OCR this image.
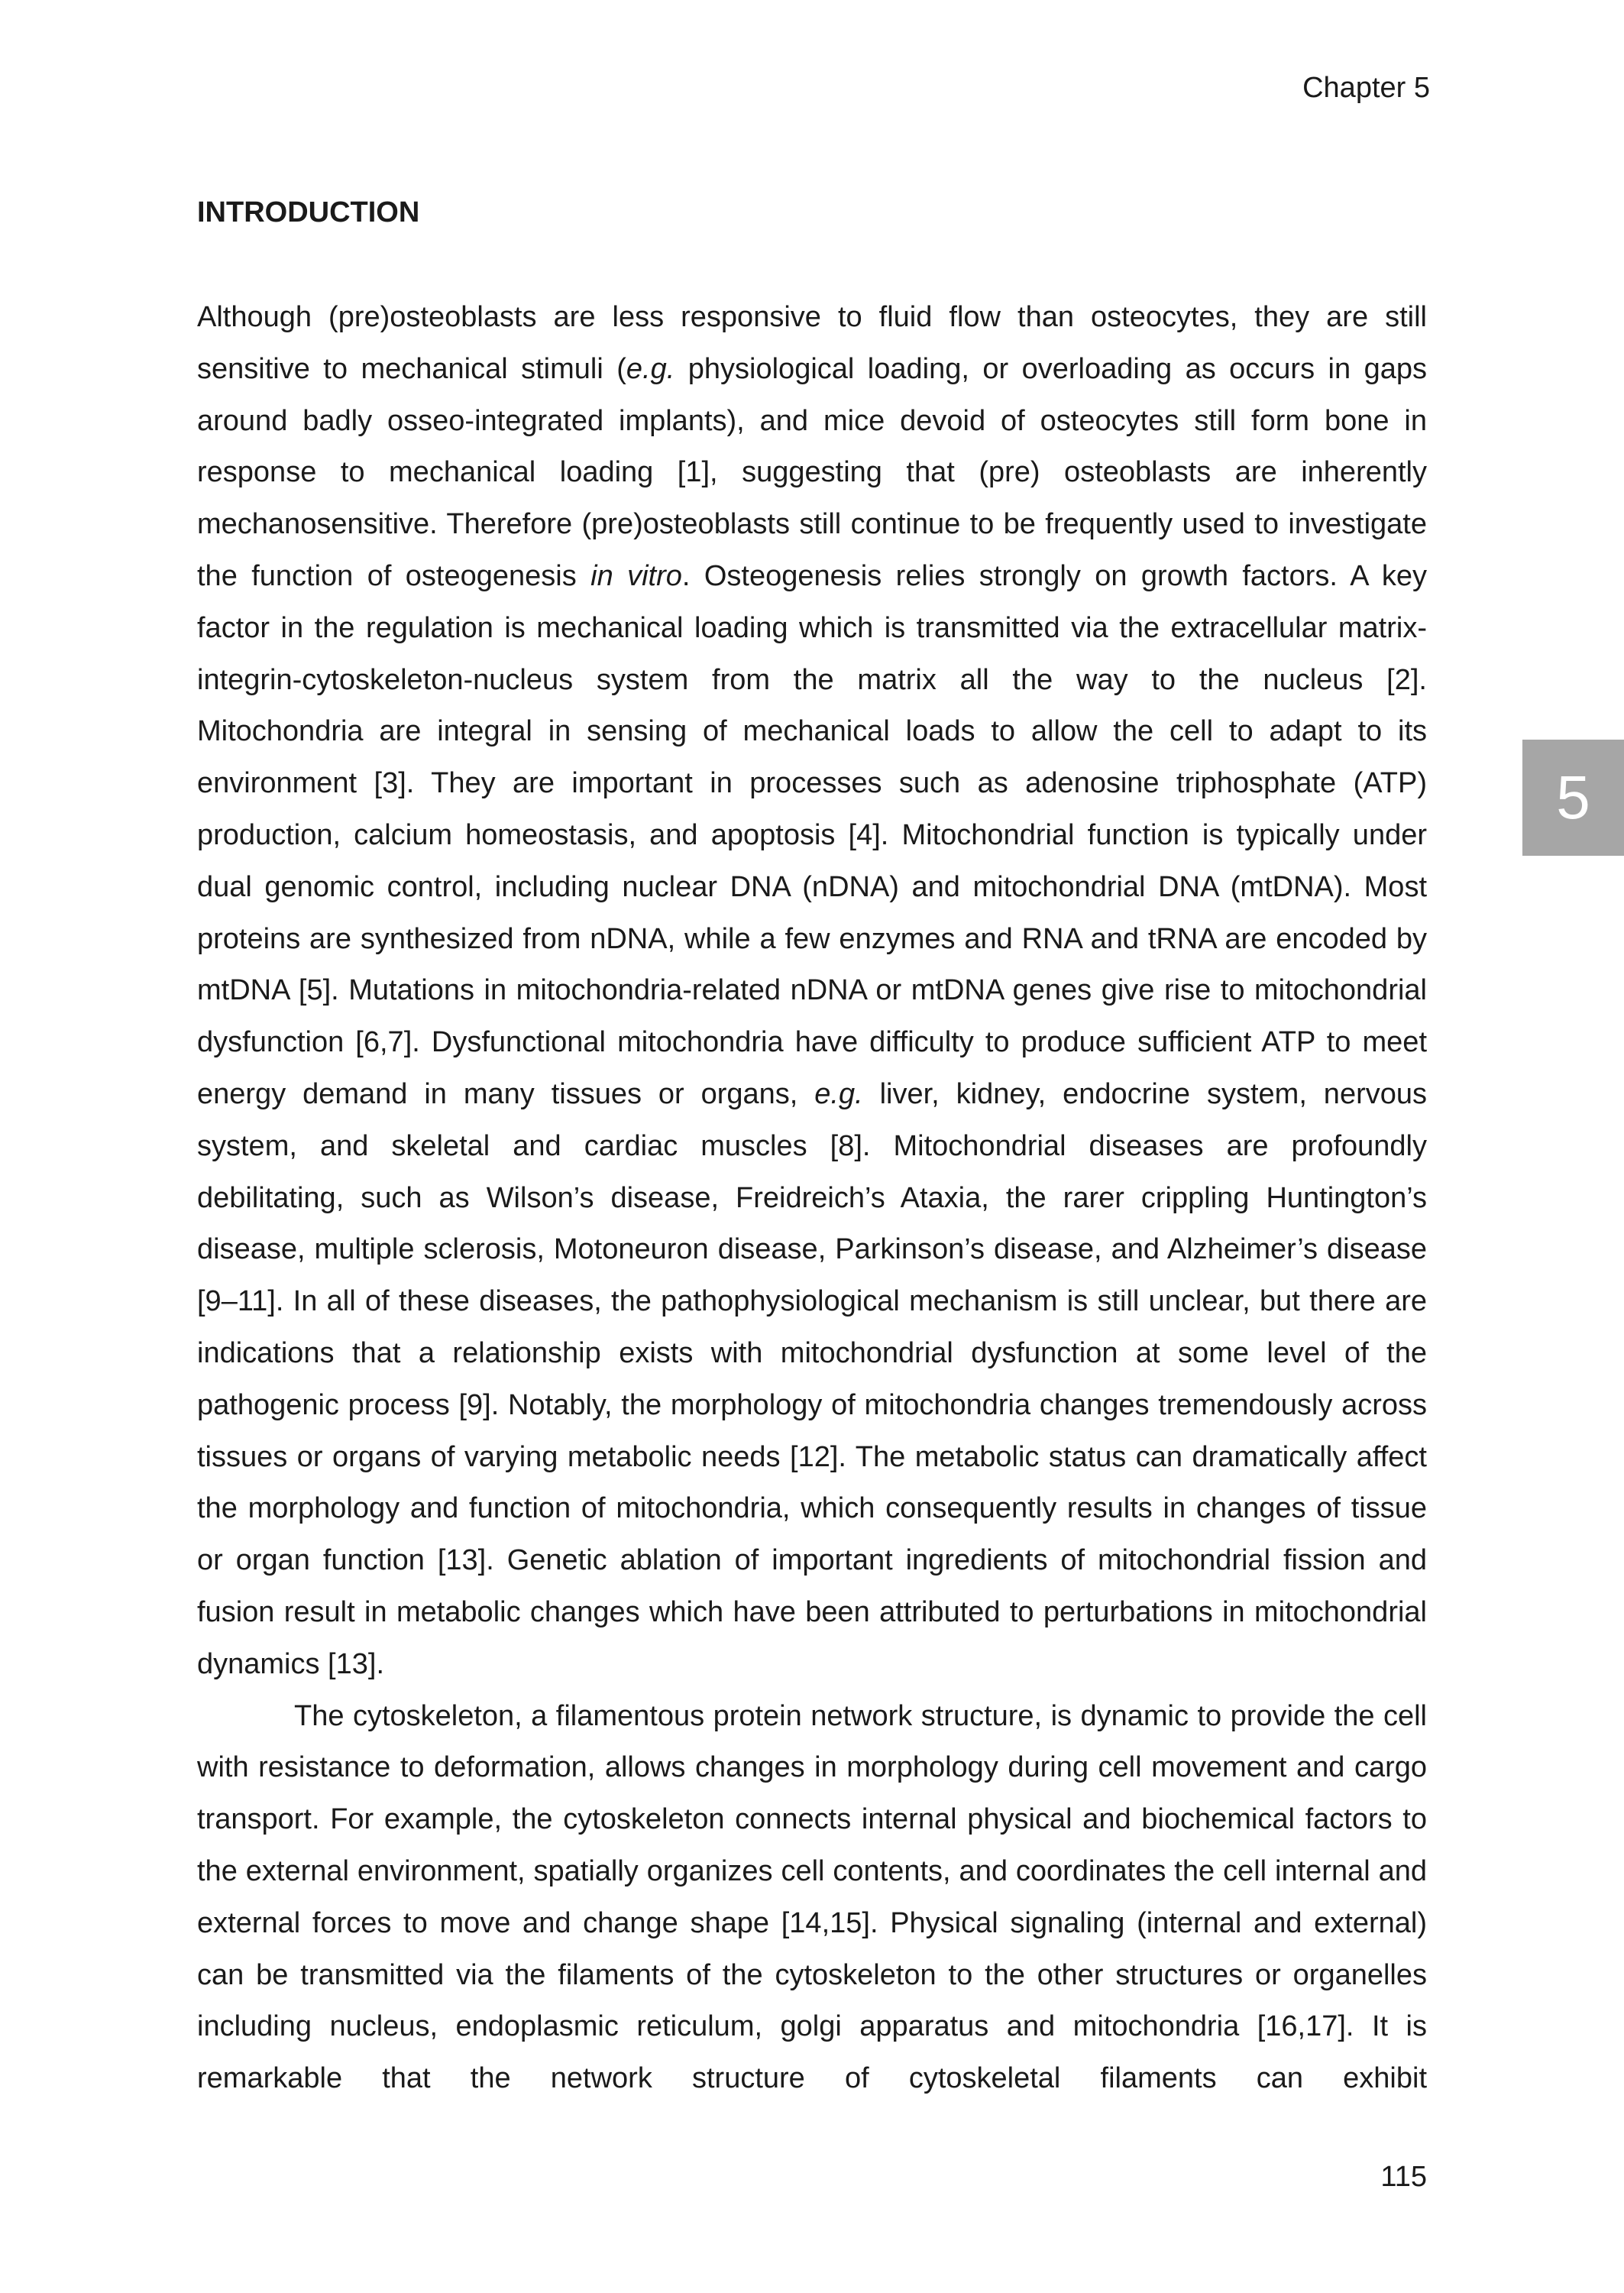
Chapter 5
INTRODUCTION

Although (pre)osteoblasts are less responsive to fluid flow than osteocytes, they are still sensitive to mechanical stimuli (e.g. physiological loading, or overloading as occurs in gaps around badly osseo-integrated implants), and mice devoid of osteocytes still form bone in response to mechanical loading [1], suggesting that (pre) osteoblasts are inherently mechanosensitive. Therefore (pre)osteoblasts still continue to be frequently used to investigate the function of osteogenesis in vitro. Osteogenesis relies strongly on growth factors. A key factor in the regulation is mechanical loading which is transmitted via the extracellular matrix-integrin-cytoskeleton-nucleus system from the matrix all the way to the nucleus [2]. Mitochondria are integral in sensing of mechanical loads to allow the cell to adapt to its environment [3]. They are important in processes such as adenosine triphosphate (ATP) production, calcium homeostasis, and apoptosis [4]. Mitochondrial function is typically under dual genomic control, including nuclear DNA (nDNA) and mitochondrial DNA (mtDNA). Most proteins are synthesized from nDNA, while a few enzymes and RNA and tRNA are encoded by mtDNA [5]. Mutations in mitochondria-related nDNA or mtDNA genes give rise to mitochondrial dysfunction [6,7]. Dysfunctional mitochondria have difficulty to produce sufficient ATP to meet energy demand in many tissues or organs, e.g. liver, kidney, endocrine system, nervous system, and skeletal and cardiac muscles [8]. Mitochondrial diseases are profoundly debilitating, such as Wilson’s disease, Freidreich’s Ataxia, the rarer crippling Huntington’s disease, multiple sclerosis, Motoneuron disease, Parkinson’s disease, and Alzheimer’s disease [9–11]. In all of these diseases, the pathophysiological mechanism is still unclear, but there are indications that a relationship exists with mitochondrial dysfunction at some level of the pathogenic process [9]. Notably, the morphology of mitochondria changes tremendously across tissues or organs of varying metabolic needs [12]. The metabolic status can dramatically affect the morphology and function of mitochondria, which consequently results in changes of tissue or organ function [13]. Genetic ablation of important ingredients of mitochondrial fission and fusion result in metabolic changes which have been attributed to perturbations in mitochondrial dynamics [13].

The cytoskeleton, a filamentous protein network structure, is dynamic to provide the cell with resistance to deformation, allows changes in morphology during cell movement and cargo transport. For example, the cytoskeleton connects internal physical and biochemical factors to the external environment, spatially organizes cell contents, and coordinates the cell internal and external forces to move and change shape [14,15]. Physical signaling (internal and external) can be transmitted via the filaments of the cytoskeleton to the other structures or organelles including nucleus, endoplasmic reticulum, golgi apparatus and mitochondria [16,17]. It is remarkable that the network structure of cytoskeletal filaments can exhibit

5
115
